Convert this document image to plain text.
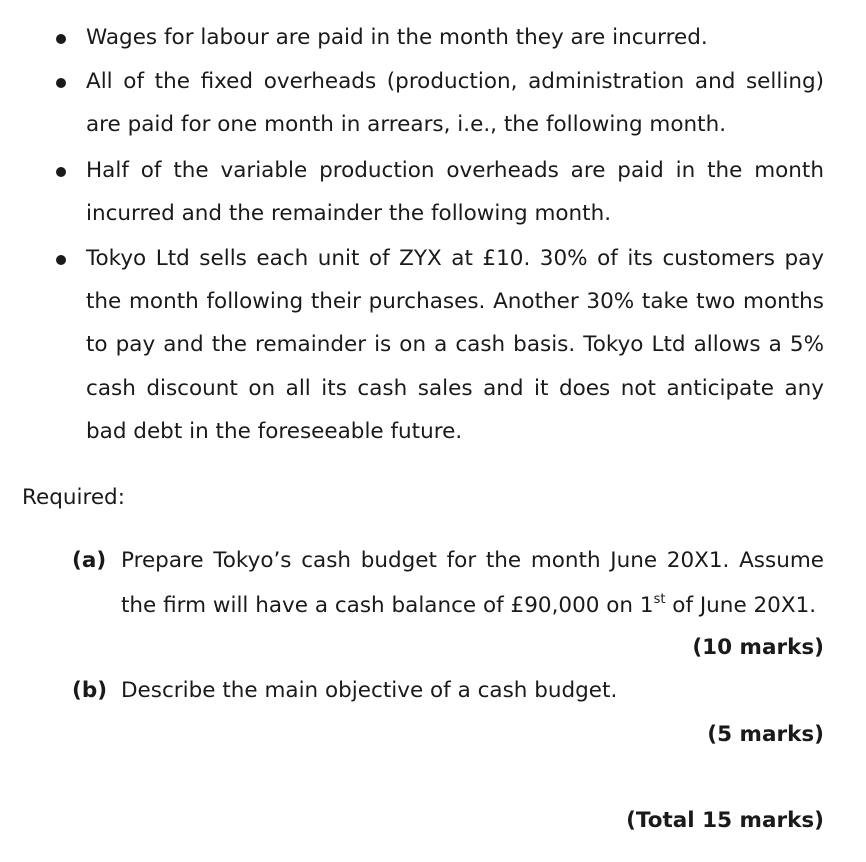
Wages for labour are paid in the month they are incurred.
All of the fixed overheads (production, administration and selling)
are paid for one month in arrears, i.e., the following month.
Half of the variable production overheads are paid in the month
incurred and the remainder the following month.
Tokyo Ltd sells each unit of ZYX at £10. 30% of its customers pay
the month following their purchases. Another 30% take two months
to pay and the remainder is on a cash basis. Tokyo Ltd allows a 5%
cash discount on all its cash sales and it does not anticipate any
bad debt in the foreseeable future.
Required:
(a) Prepare Tokyo’s cash budget for the month June 20X1. Assume
the firm will have a cash balance of £90,000 on 1st of June 20X1.
(10 marks)
(b) Describe the main objective of a cash budget.
(5 marks)
(Total 15 marks)
